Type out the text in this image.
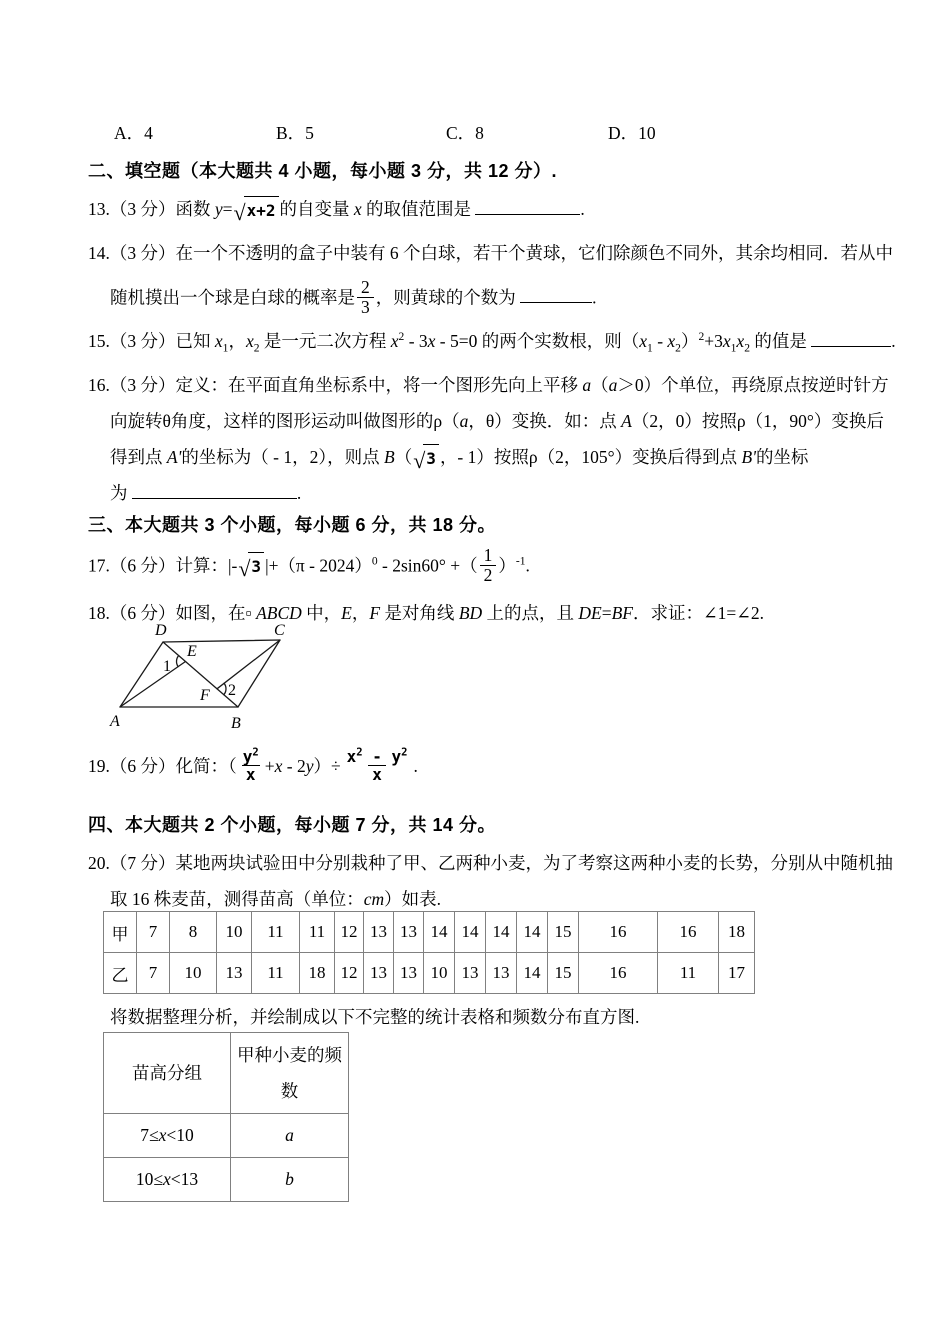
A．4	B．5	C．8	D．10
二、填空题（本大题共 4 小题，每小题 3 分，共 12 分）.
13.（3 分）函数 y= √ x+2 的自变量 x 的取值范围是	.
14.（3 分）在一个不透明的盒子中装有 6 个白球，若干个黄球，它们除颜色不同外，其余均相同．若从中
随机摸出一个球是白球的概率是 $\frac{2}{3}$ ，则黄球的个数为	.
15.（3 分）已知 $x_1$，$x_2$ 是一元二次方程 $x^2 - 3x - 5=0$ 的两个实数根，则$(x_1 - x_2)^2+3x_1x_2$ 的值是	.
16.（3 分）定义：在平面直角坐标系中，将一个图形先向上平移 a（a＞0）个单位，再绕原点按逆时针方
向旋转θ角度，这样的图形运动叫做图形的ρ（a，θ）变换．如：点 A（2，0）按照ρ（1，90°）变换后
得到点 A'的坐标为（ - 1，2），则点 B（ √ 3 ，- 1）按照ρ（2，105°）变换后得到点 B'的坐标
为	.
三、本大题共 3 个小题，每小题 6 分，共 18 分。
17.（6 分）计算：|- √ 3 |+（π - 2024）$^0$ - 2sin60° +（ $\frac{1}{2} )^{-1}$.
18.（6 分）如图，在▫ ABCD 中，E，F 是对角线 BD 上的点，且 DE=BF．求证：∠1=∠2.
A	B
C
D
E
F
1
2
19.（6 分）化简：（ $\frac{y^2}{x} +x - 2y)\div \frac{x^2 - y^2}{x}$ .
四、本大题共 2 个小题，每小题 7 分，共 14 分。
20.（7 分）某地两块试验田中分别栽种了甲、乙两种小麦，为了考察这两种小麦的长势，分别从中随机抽
取 16 株麦苗，测得苗高（单位：cm）如表.
甲	7	8	10	11	11	12	13	13	14	14	14	14	15	16	16	18
乙	7	10	13	11	18	12	13	13	10	13	13	14	15	16	11	17
将数据整理分析，并绘制成以下不完整的统计表格和频数分布直方图.
苗高分组	甲种小麦的频
数
7≤x<10	a
10≤x<13	b
